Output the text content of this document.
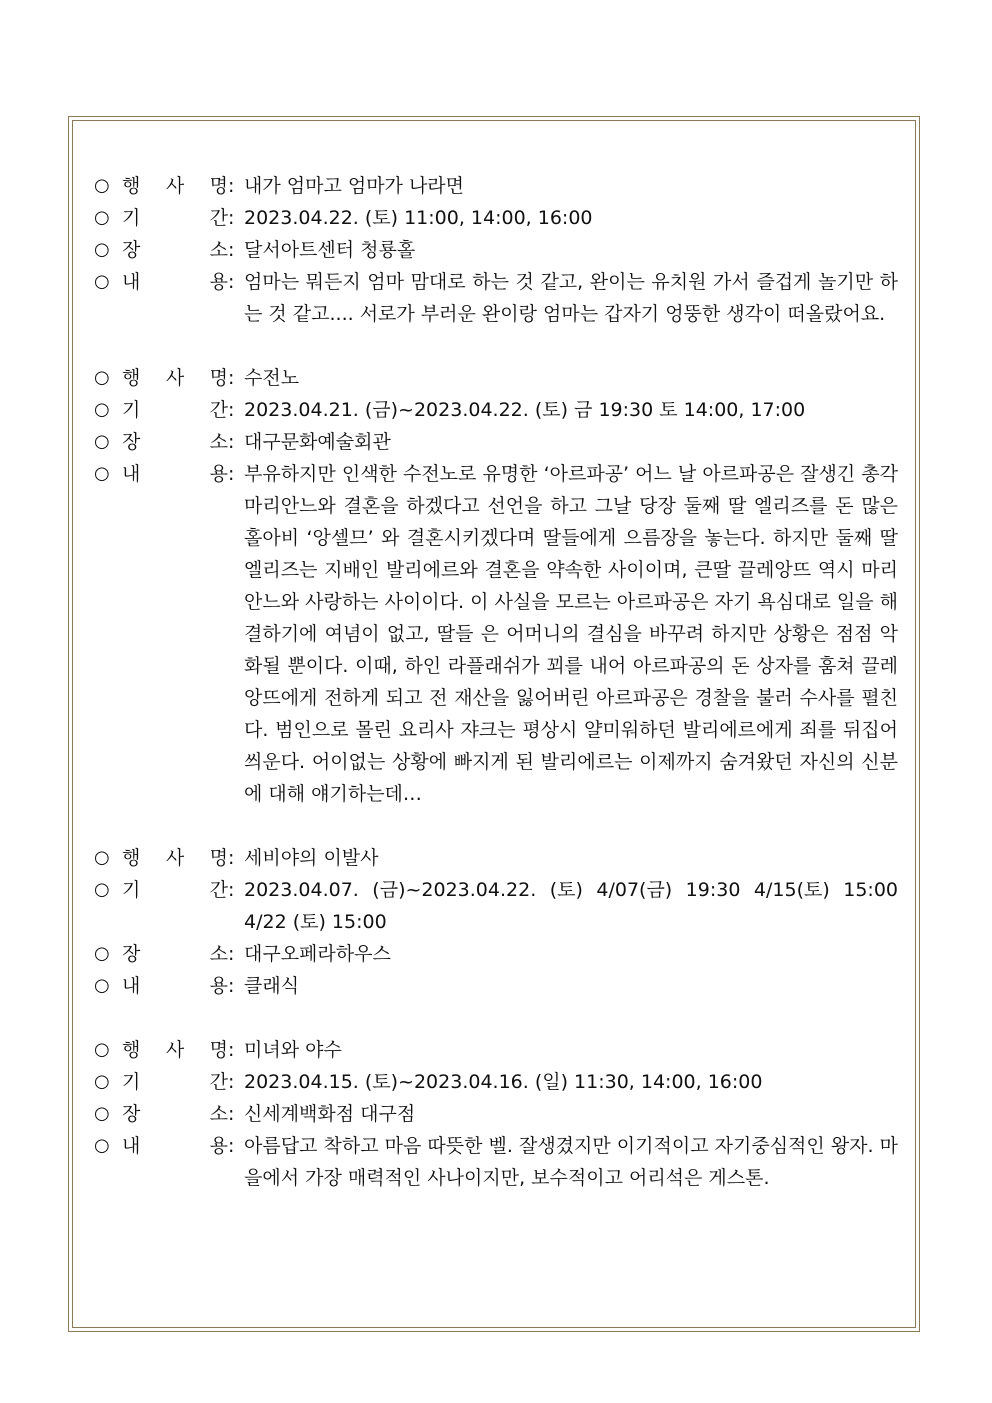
○ 행 사 명 : 내가 엄마고 엄마가 나라면
○ 기	간 : 2023.04.22. (토) 11:00, 14:00, 16:00
○ 장	소 : 달서아트센터 청룡홀
○ 내	용 : 엄마는 뭐든지 엄마 맘대로 하는 것 같고, 완이는 유치원 가서 즐겁게 놀기만 하는 것 같고.... 서로가 부러운 완이랑 엄마는 갑자기 엉뚱한 생각이 떠올랐어요.
○ 행 사 명 : 수전노
○ 기	간 : 2023.04.21. (금)~2023.04.22. (토) 금 19:30 토 14:00, 17:00
○ 장	소 : 대구문화예술회관
○ 내	용 : 부유하지만 인색한 수전노로 유명한 ‘아르파공’ 어느 날 아르파공은 잘생긴 총각 마리안느와 결혼을 하겠다고 선언을 하고 그날 당장 둘째 딸 엘리즈를 돈 많은 홀아비 ‘앙셀므’ 와 결혼시키겠다며 딸들에게 으름장을 놓는다. 하지만 둘째 딸 엘리즈는 지배인 발리에르와 결혼을 약속한 사이이며, 큰딸 끌레앙뜨 역시 마리안느와 사랑하는 사이이다. 이 사실을 모르는 아르파공은 자기 욕심대로 일을 해결하기에 여념이 없고, 딸들 은 어머니의 결심을 바꾸려 하지만 상황은 점점 악화될 뿐이다. 이때, 하인 라플래쉬가 꾀를 내어 아르파공의 돈 상자를 훔쳐 끌레앙뜨에게 전하게 되고 전 재산을 잃어버린 아르파공은 경찰을 불러 수사를 펼친다. 범인으로 몰린 요리사 쟈크는 평상시 얄미워하던 발리에르에게 죄를 뒤집어씌운다. 어이없는 상황에 빠지게 된 발리에르는 이제까지 숨겨왔던 자신의 신분에 대해 얘기하는데…
○ 행 사 명 : 세비야의 이발사
○ 기	간 : 2023.04.07. (금)~2023.04.22. (토) 4/07(금) 19:30 4/15(토) 15:00 4/22 (토) 15:00
○ 장	소 : 대구오페라하우스
○ 내	용 : 클래식
○ 행 사 명 : 미녀와 야수
○ 기	간 : 2023.04.15. (토)~2023.04.16. (일) 11:30, 14:00, 16:00
○ 장	소 : 신세계백화점 대구점
○ 내	용 : 아름답고 착하고 마음 따뜻한 벨. 잘생겼지만 이기적이고 자기중심적인 왕자. 마을에서 가장 매력적인 사나이지만, 보수적이고 어리석은 게스톤.
